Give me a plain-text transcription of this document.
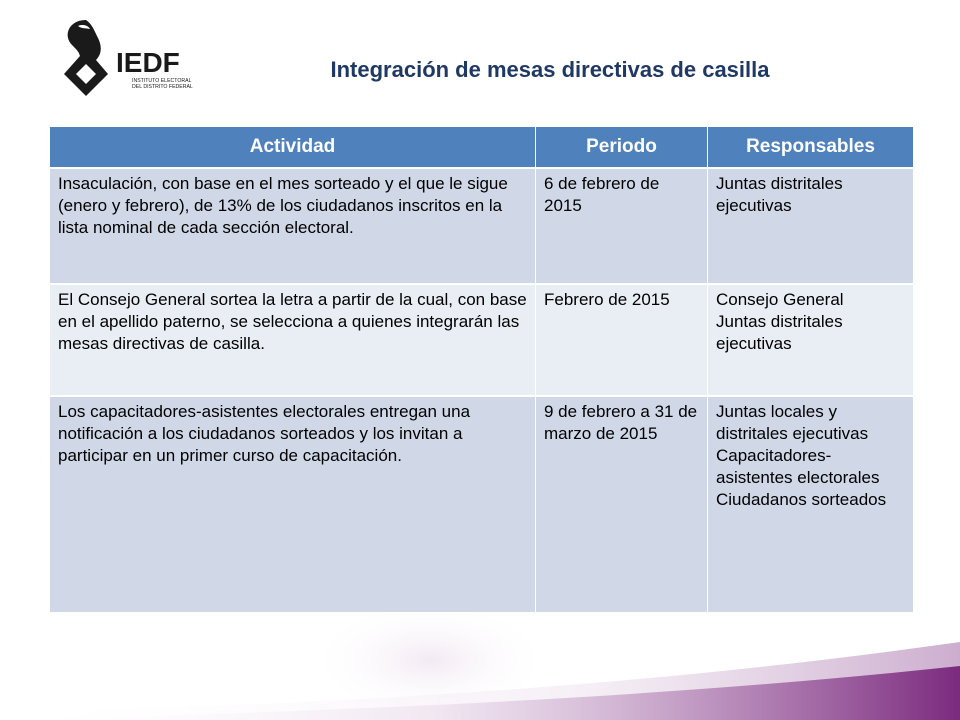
IEDF
INSTITUTO ELECTORAL
DEL DISTRITO FEDERAL
Integración de mesas directivas de casilla
Actividad	Periodo	Responsables
Insaculación, con base en el mes sorteado y el que le sigue (enero y febrero), de 13% de los ciudadanos inscritos en la lista nominal de cada sección electoral.	6 de febrero de 2015	Juntas distritales ejecutivas

El Consejo General sortea la letra a partir de la cual, con base en el apellido paterno, se selecciona a quienes integrarán las mesas directivas de casilla.	Febrero de 2015	Consejo General
Juntas distritales ejecutivas

Los capacitadores-asistentes electorales entregan una notificación a los ciudadanos sorteados y los invitan a participar en un primer curso de capacitación.	9 de febrero a 31 de marzo de 2015	Juntas locales y distritales ejecutivas
Capacitadores-asistentes electorales
Ciudadanos sorteados
